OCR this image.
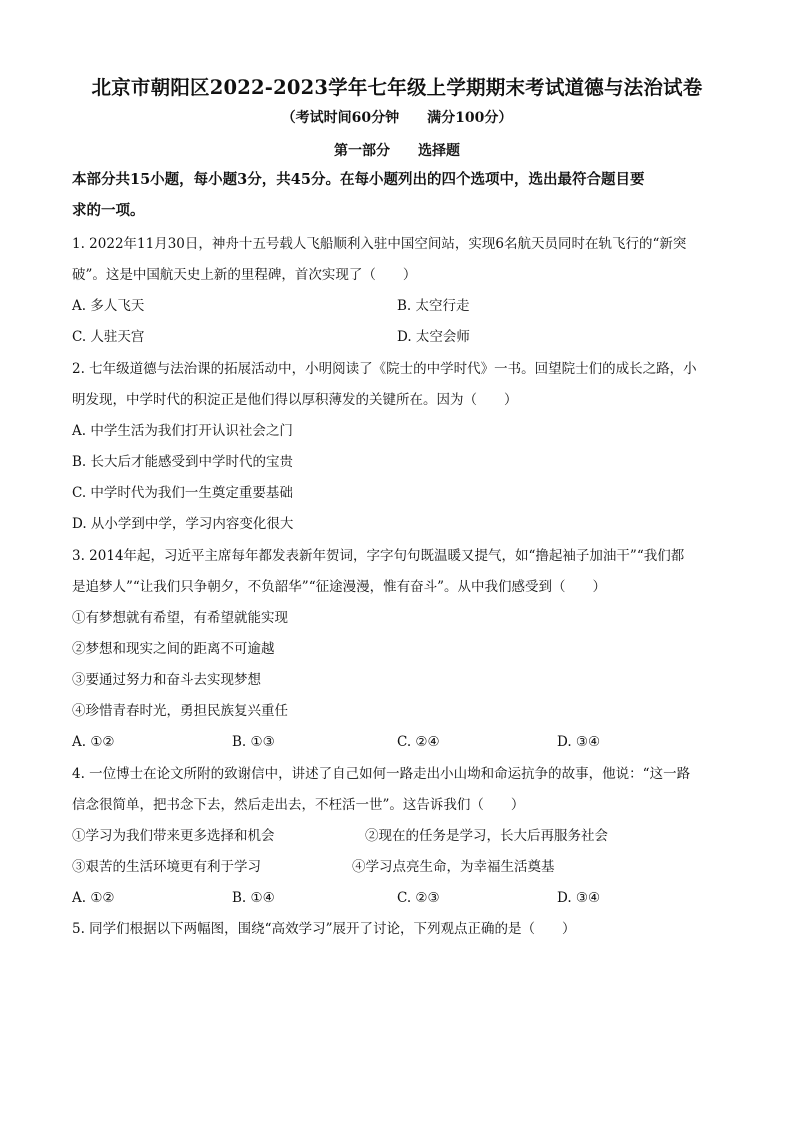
北京市朝阳区2022-2023学年七年级上学期期末考试道德与法治试卷
（考试时间60分钟　　满分100分）
第一部分　　选择题
本部分共15小题，每小题3分，共45分。在每小题列出的四个选项中，选出最符合题目要
求的一项。
1. 2022年11月30日，神舟十五号载人飞船顺利入驻中国空间站，实现6名航天员同时在轨飞行的“新突
破”。这是中国航天史上新的里程碑，首次实现了（　　）
A. 多人飞天	B. 太空行走
C. 人驻天宫	D. 太空会师
2. 七年级道德与法治课的拓展活动中，小明阅读了《院士的中学时代》一书。回望院士们的成长之路，小
明发现，中学时代的积淀正是他们得以厚积薄发的关键所在。因为（　　）
A. 中学生活为我们打开认识社会之门
B. 长大后才能感受到中学时代的宝贵
C. 中学时代为我们一生奠定重要基础
D. 从小学到中学，学习内容变化很大
3. 2014年起，习近平主席每年都发表新年贺词，字字句句既温暖又提气，如“撸起袖子加油干”“我们都
是追梦人”“让我们只争朝夕，不负韶华”“征途漫漫，惟有奋斗”。从中我们感受到（　　）
①有梦想就有希望，有希望就能实现
②梦想和现实之间的距离不可逾越
③要通过努力和奋斗去实现梦想
④珍惜青春时光，勇担民族复兴重任
A. ①②	B. ①③	C. ②④	D. ③④
4. 一位博士在论文所附的致谢信中，讲述了自己如何一路走出小山坳和命运抗争的故事，他说：“这一路
信念很简单，把书念下去，然后走出去，不枉活一世”。这告诉我们（　　）
①学习为我们带来更多选择和机会	②现在的任务是学习，长大后再服务社会
③艰苦的生活环境更有利于学习	④学习点亮生命，为幸福生活奠基
A. ①②	B. ①④	C. ②③	D. ③④
5. 同学们根据以下两幅图，围绕“高效学习”展开了讨论，下列观点正确的是（　　）
